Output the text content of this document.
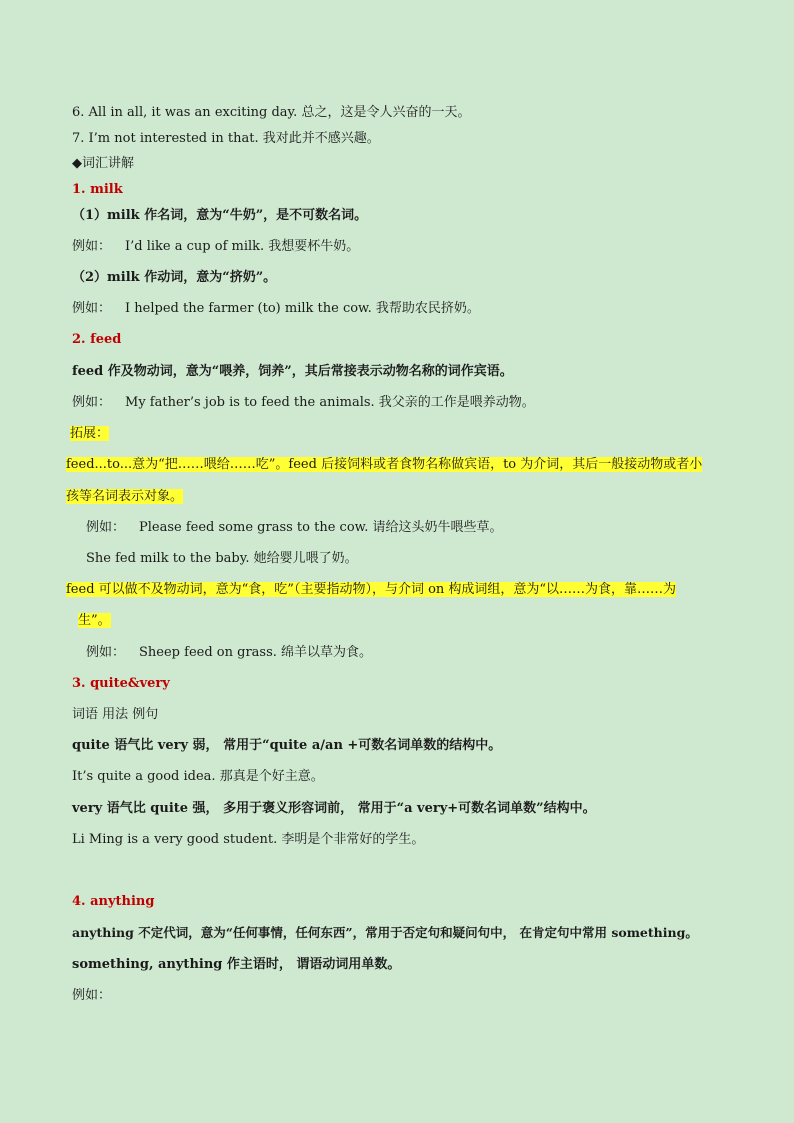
6. All in all, it was an exciting day. 总之，这是令人兴奋的一天。
7. I’m not interested in that. 我对此并不感兴趣。
◆词汇讲解
1. milk
（1）milk 作名词，意为“牛奶”，是不可数名词。
例如： I’d like a cup of milk. 我想要杯牛奶。
（2）milk 作动词，意为“挤奶”。
例如： I helped the farmer (to) milk the cow. 我帮助农民挤奶。
2. feed
feed 作及物动词，意为“喂养，饲养”，其后常接表示动物名称的词作宾语。
例如： My father’s job is to feed the animals. 我父亲的工作是喂养动物。
拓展：
feed...to...意为“把……喂给……吃”。feed 后接饲料或者食物名称做宾语，to 为介词，其后一般接动物或者小
孩等名词表示对象。
例如： Please feed some grass to the cow. 请给这头奶牛喂些草。
She fed milk to the baby. 她给婴儿喂了奶。
feed 可以做不及物动词，意为“食，吃”（主要指动物），与介词 on 构成词组，意为“以……为食，靠……为
生”。
例如： Sheep feed on grass. 绵羊以草为食。
3. quite&very
词语 用法 例句
quite 语气比 very 弱， 常用于“quite a/an +可数名词单数的结构中。
It’s quite a good idea. 那真是个好主意。
very 语气比 quite 强， 多用于褒义形容词前， 常用于“a very+可数名词单数”结构中。
Li Ming is a very good student. 李明是个非常好的学生。
4. anything
anything 不定代词，意为“任何事情，任何东西”，常用于否定句和疑问句中， 在肯定句中常用 something。
something, anything 作主语时， 谓语动词用单数。
例如：
